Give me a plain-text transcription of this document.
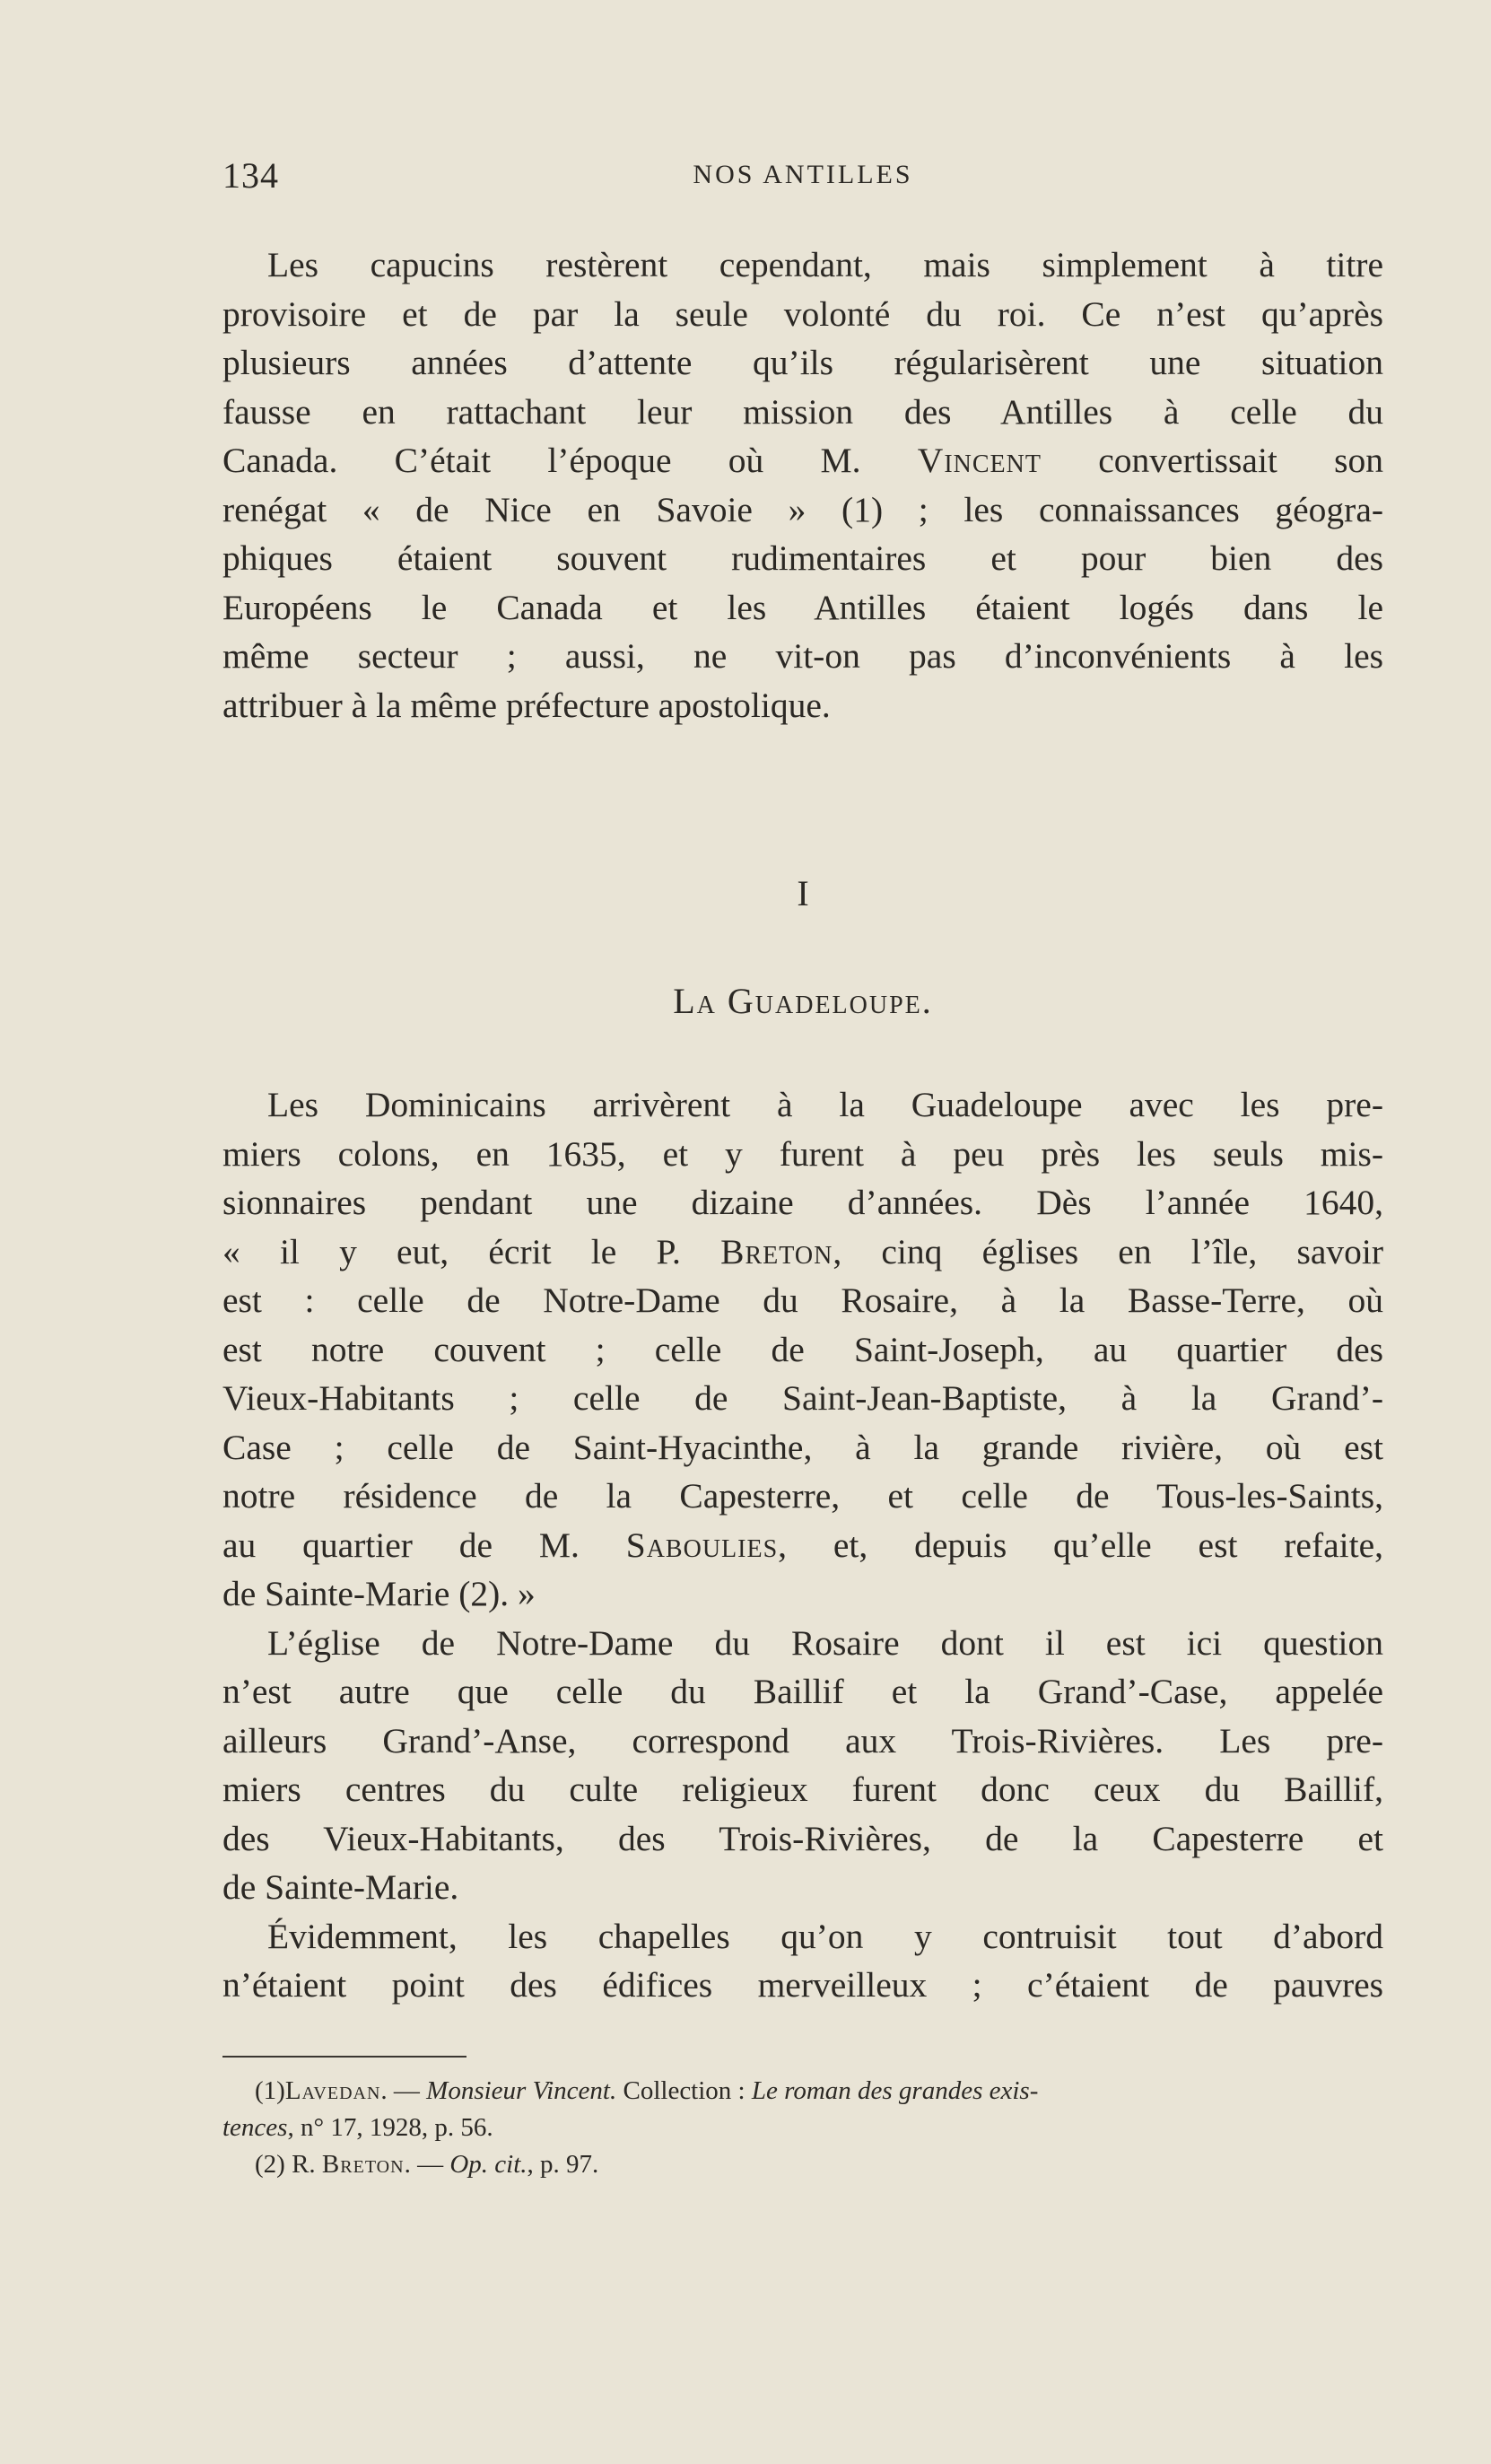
134	NOS ANTILLES

Les capucins restèrent cependant, mais simplement à titre
provisoire et de par la seule volonté du roi. Ce n’est qu’après
plusieurs années d’attente qu’ils régularisèrent une situation
fausse en rattachant leur mission des Antilles à celle du
Canada. C’était l’époque où M. Vincent convertissait son
renégat « de Nice en Savoie » (1) ; les connaissances géogra-
phiques étaient souvent rudimentaires et pour bien des
Européens le Canada et les Antilles étaient logés dans le
même secteur ; aussi, ne vit-on pas d’inconvénients à les
attribuer à la même préfecture apostolique.

I
La Guadeloupe.

Les Dominicains arrivèrent à la Guadeloupe avec les pre-
miers colons, en 1635, et y furent à peu près les seuls mis-
sionnaires pendant une dizaine d’années. Dès l’année 1640,
« il y eut, écrit le P. Breton, cinq églises en l’île, savoir
est : celle de Notre-Dame du Rosaire, à la Basse-Terre, où
est notre couvent ; celle de Saint-Joseph, au quartier des
Vieux-Habitants ; celle de Saint-Jean-Baptiste, à la Grand’-
Case ; celle de Saint-Hyacinthe, à la grande rivière, où est
notre résidence de la Capesterre, et celle de Tous-les-Saints,
au quartier de M. Saboulies, et, depuis qu’elle est refaite,
de Sainte-Marie (2). »

L’église de Notre-Dame du Rosaire dont il est ici question
n’est autre que celle du Baillif et la Grand’-Case, appelée
ailleurs Grand’-Anse, correspond aux Trois-Rivières. Les pre-
miers centres du culte religieux furent donc ceux du Baillif,
des Vieux-Habitants, des Trois-Rivières, de la Capesterre et
de Sainte-Marie.

Évidemment, les chapelles qu’on y contruisit tout d’abord
n’étaient point des édifices merveilleux ; c’étaient de pauvres

(1)Lavedan. — Monsieur Vincent. Collection : Le roman des grandes exis-
tences, n° 17, 1928, p. 56.
(2) R. Breton. — Op. cit., p. 97.
